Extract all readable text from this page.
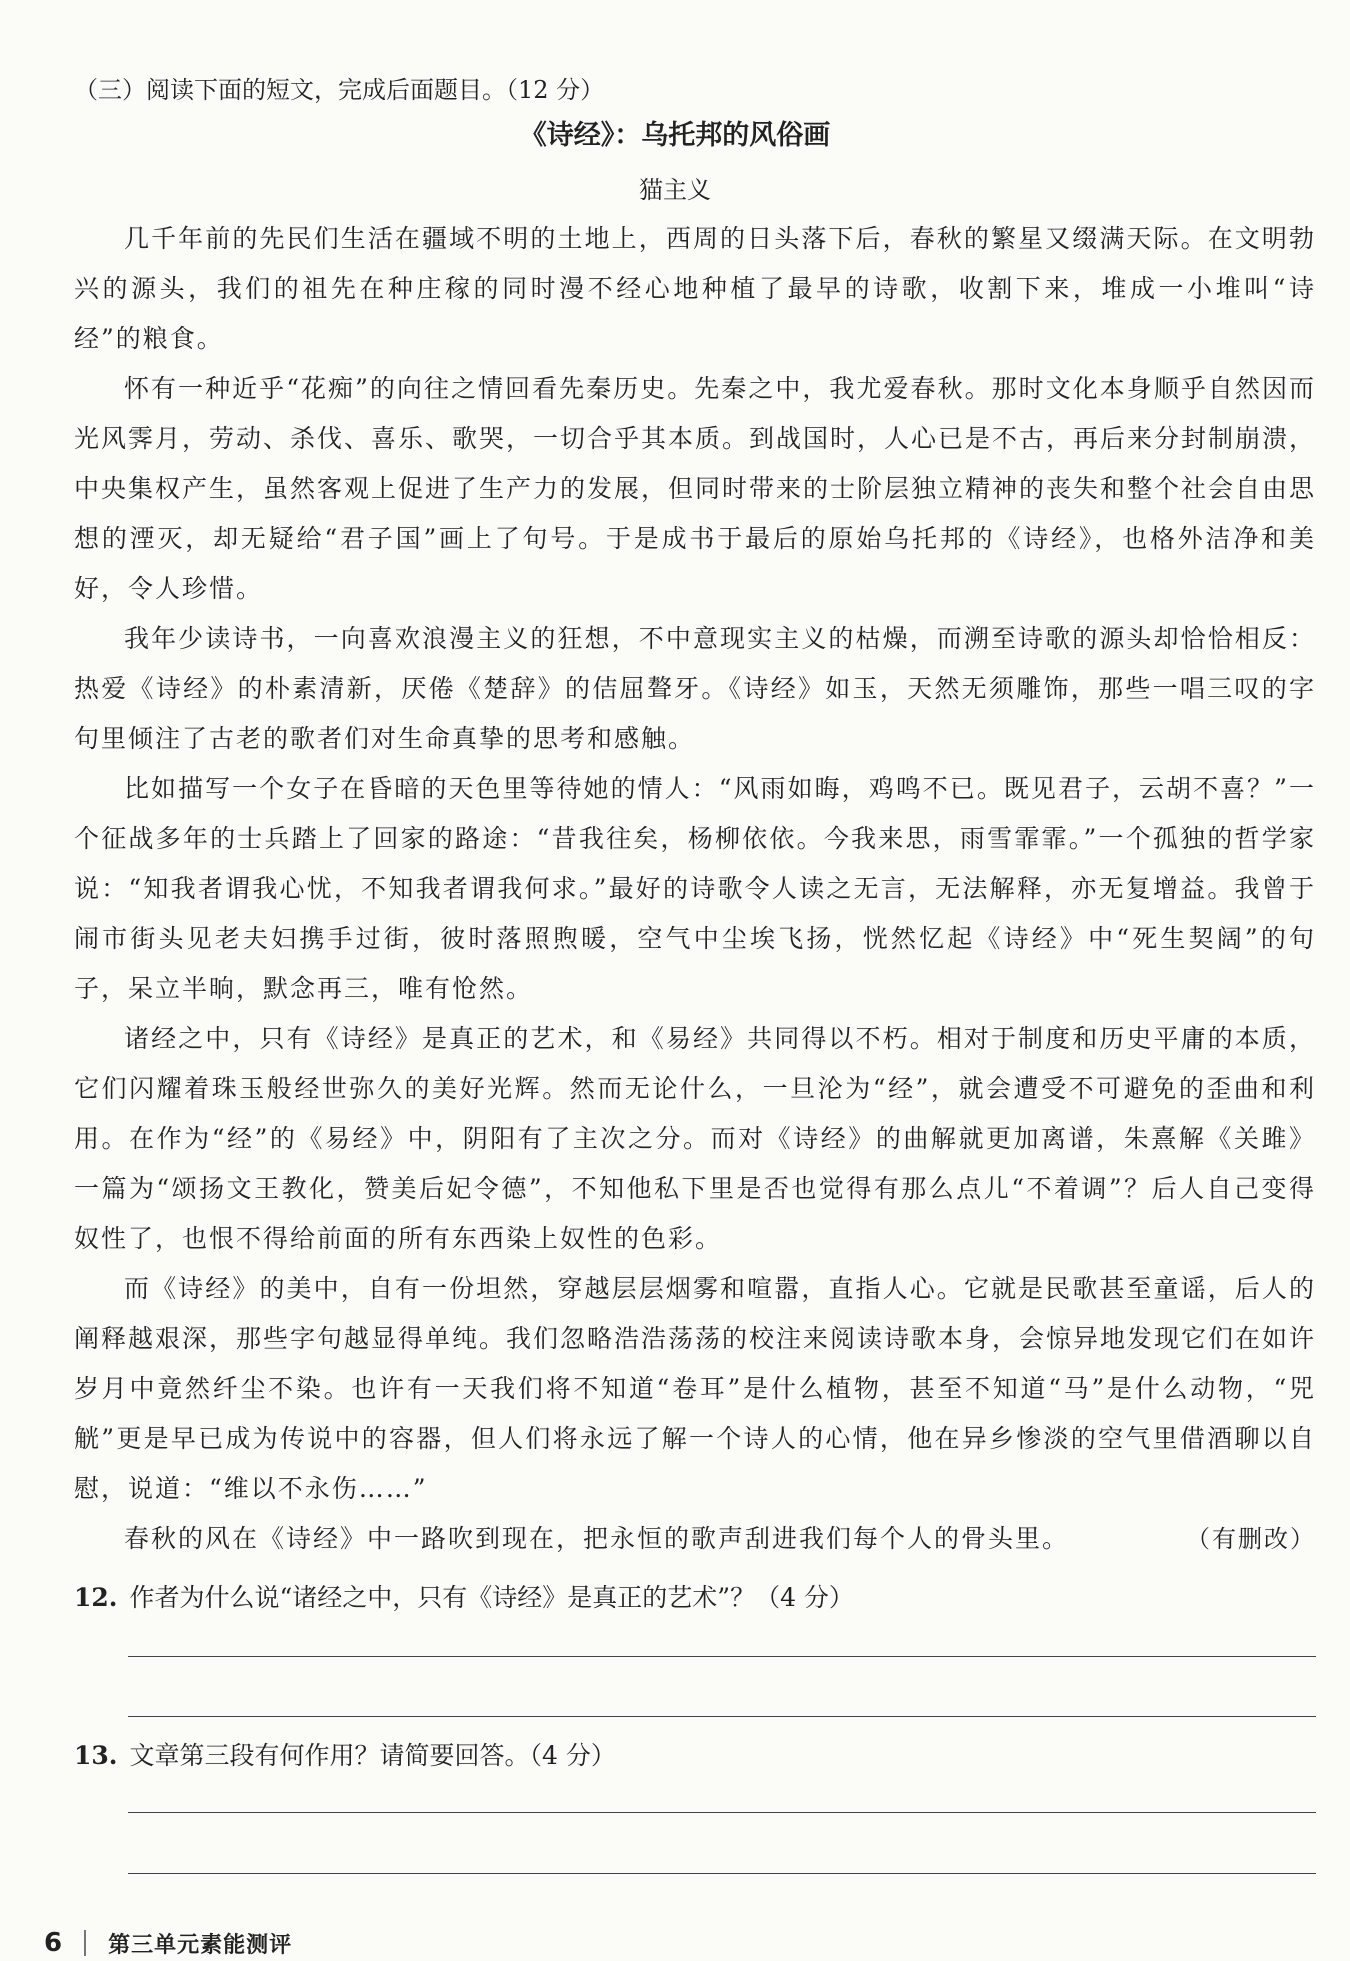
（三）阅读下面的短文，完成后面题目。（12 分）
《诗经》：乌托邦的风俗画
猫主义

几千年前的先民们生活在疆域不明的土地上，西周的日头落下后，春秋的繁星又缀满天际。在文明勃兴的源头，我们的祖先在种庄稼的同时漫不经心地种植了最早的诗歌，收割下来，堆成一小堆叫“诗经”的粮食。

怀有一种近乎“花痴”的向往之情回看先秦历史。先秦之中，我尤爱春秋。那时文化本身顺乎自然因而光风霁月，劳动、杀伐、喜乐、歌哭，一切合乎其本质。到战国时，人心已是不古，再后来分封制崩溃，中央集权产生，虽然客观上促进了生产力的发展，但同时带来的士阶层独立精神的丧失和整个社会自由思想的湮灭，却无疑给“君子国”画上了句号。于是成书于最后的原始乌托邦的《诗经》，也格外洁净和美好，令人珍惜。

我年少读诗书，一向喜欢浪漫主义的狂想，不中意现实主义的枯燥，而溯至诗歌的源头却恰恰相反：热爱《诗经》的朴素清新，厌倦《楚辞》的佶屈聱牙。《诗经》如玉，天然无须雕饰，那些一唱三叹的字句里倾注了古老的歌者们对生命真挚的思考和感触。

比如描写一个女子在昏暗的天色里等待她的情人：“风雨如晦，鸡鸣不已。既见君子，云胡不喜？”一个征战多年的士兵踏上了回家的路途：“昔我往矣，杨柳依依。今我来思，雨雪霏霏。”一个孤独的哲学家说：“知我者谓我心忧，不知我者谓我何求。”最好的诗歌令人读之无言，无法解释，亦无复增益。我曾于闹市街头见老夫妇携手过街，彼时落照煦暖，空气中尘埃飞扬，恍然忆起《诗经》中“死生契阔”的句子，呆立半晌，默念再三，唯有怆然。

诸经之中，只有《诗经》是真正的艺术，和《易经》共同得以不朽。相对于制度和历史平庸的本质，它们闪耀着珠玉般经世弥久的美好光辉。然而无论什么，一旦沦为“经”，就会遭受不可避免的歪曲和利用。在作为“经”的《易经》中，阴阳有了主次之分。而对《诗经》的曲解就更加离谱，朱熹解《关雎》一篇为“颂扬文王教化，赞美后妃令德”，不知他私下里是否也觉得有那么点儿“不着调”？后人自己变得奴性了，也恨不得给前面的所有东西染上奴性的色彩。

而《诗经》的美中，自有一份坦然，穿越层层烟雾和喧嚣，直指人心。它就是民歌甚至童谣，后人的阐释越艰深，那些字句越显得单纯。我们忽略浩浩荡荡的校注来阅读诗歌本身，会惊异地发现它们在如许岁月中竟然纤尘不染。也许有一天我们将不知道“卷耳”是什么植物，甚至不知道“马”是什么动物，“兕觥”更是早已成为传说中的容器，但人们将永远了解一个诗人的心情，他在异乡惨淡的空气里借酒聊以自慰，说道：“维以不永伤……”

春秋的风在《诗经》中一路吹到现在，把永恒的歌声刮进我们每个人的骨头里。	（有删改）
12. 作者为什么说“诸经之中，只有《诗经》是真正的艺术”？（4 分）
13. 文章第三段有何作用？请简要回答。（4 分）
6 第三单元素能测评
